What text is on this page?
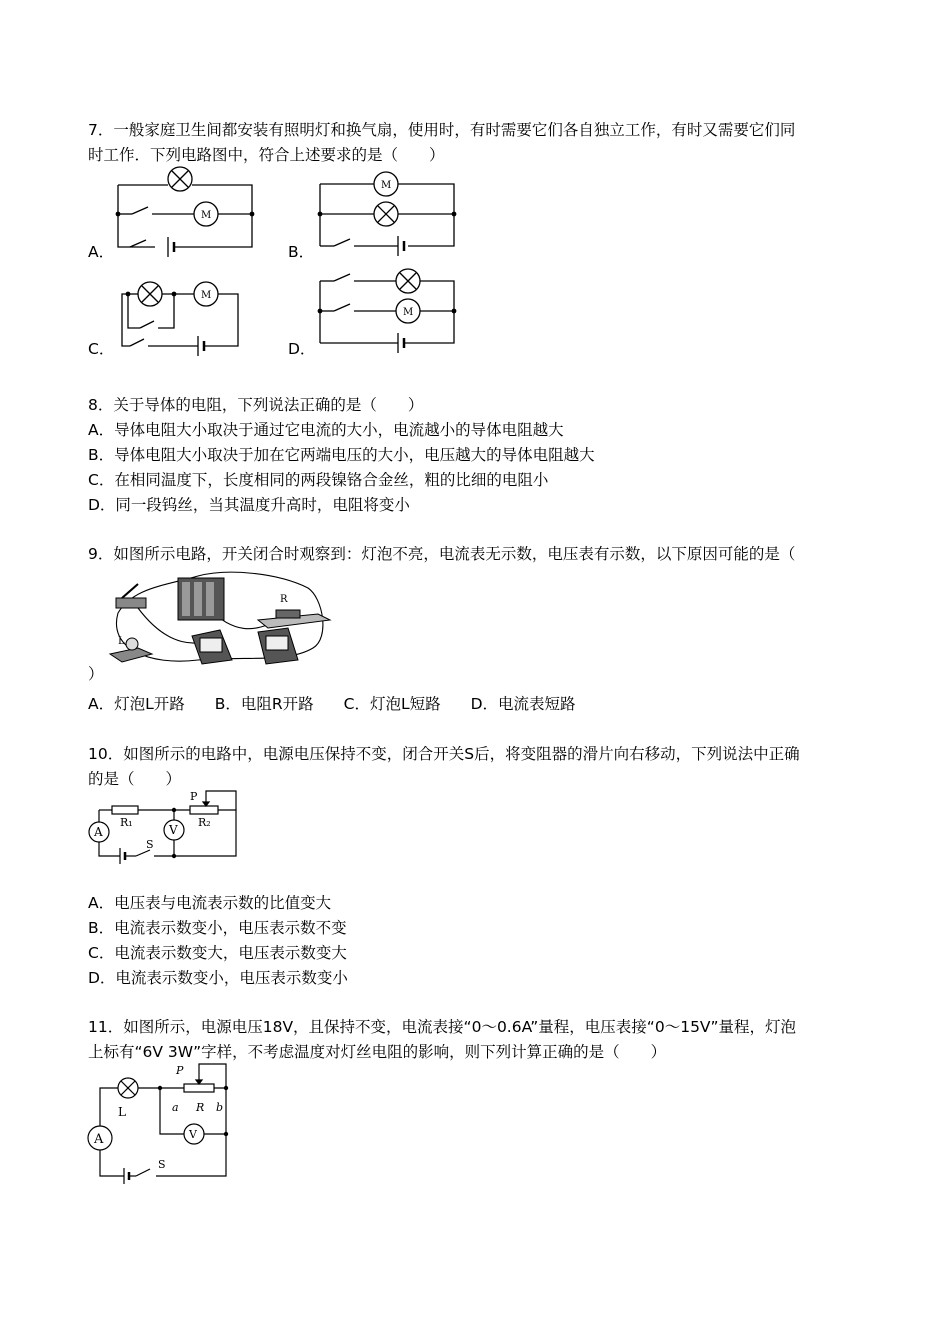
7．一般家庭卫生间都安装有照明灯和换气扇，使用时，有时需要它们各自独立工作，有时又需要它们同
时工作．下列电路图中，符合上述要求的是（　　）
M
A．
M
B．
M
C．
M
D．
8．关于导体的电阻，下列说法正确的是（　　）
A．导体电阻大小取决于通过它电流的大小，电流越小的导体电阻越大
B．导体电阻大小取决于加在它两端电压的大小，电压越大的导体电阻越大
C．在相同温度下，长度相同的两段镍铬合金丝，粗的比细的电阻小
D．同一段钨丝，当其温度升高时，电阻将变小
9．如图所示电路，开关闭合时观察到：灯泡不亮，电流表无示数，电压表有示数，以下原因可能的是（
R
L
）
A．灯泡L开路 B．电阻R开路 C．灯泡L短路 D．电流表短路
10．如图所示的电路中，电源电压保持不变，闭合开关S后，将变阻器的滑片向右移动，下列说法中正确
的是（　　）
P
R₁	R₂
A	V
S
A．电压表与电流表示数的比值变大
B．电流表示数变小，电压表示数不变
C．电流表示数变大，电压表示数变大
D．电流表示数变小，电压表示数变小
11．如图所示，电源电压18V，且保持不变，电流表接“0～0.6A”量程，电压表接“0～15V”量程，灯泡
上标有“6V 3W”字样，不考虑温度对灯丝电阻的影响，则下列计算正确的是（　　）
P
a R b
L
A	V
S
